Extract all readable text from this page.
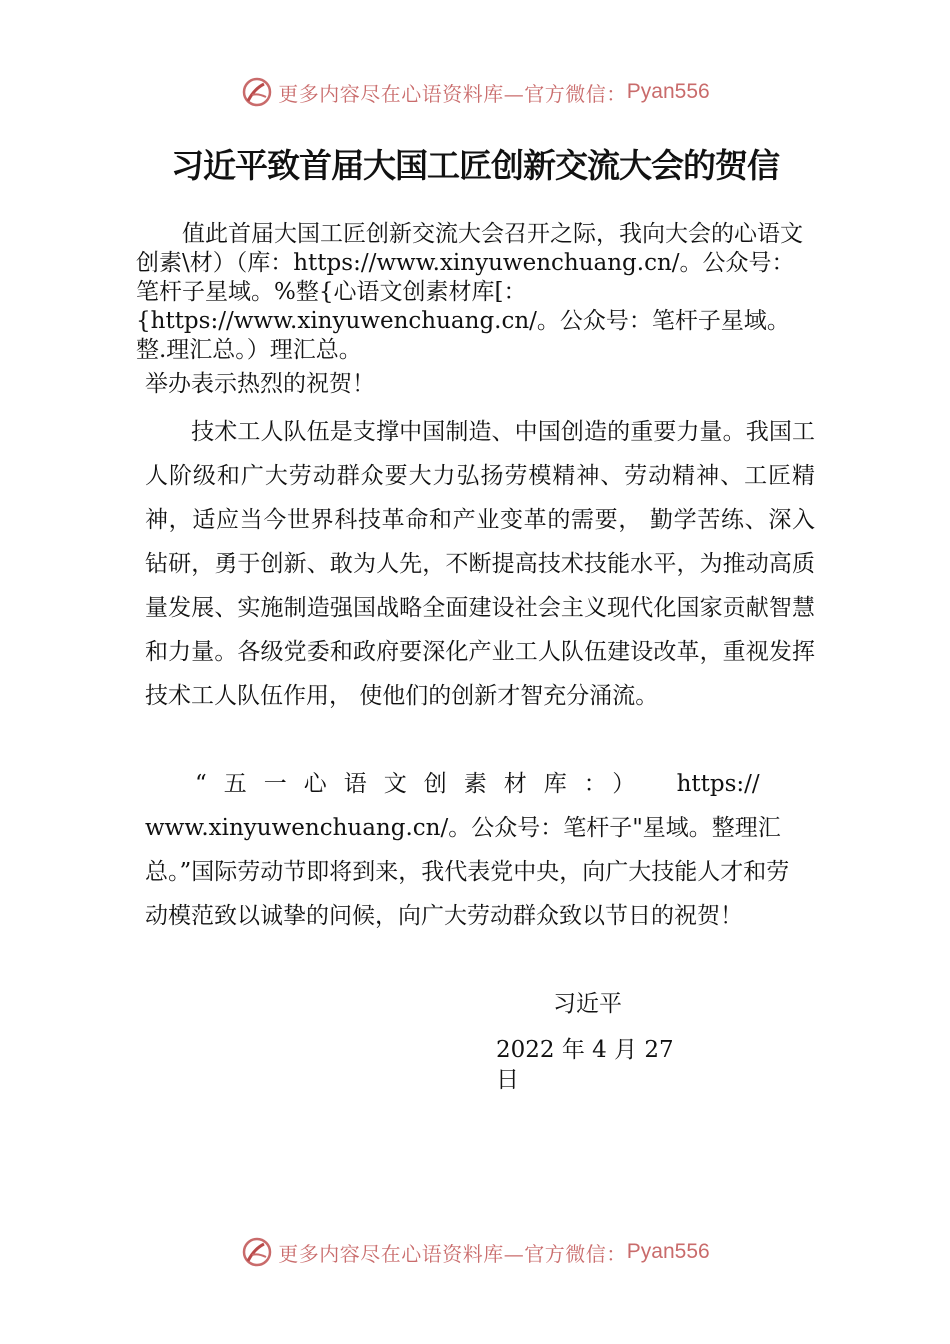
更多内容尽在心语资料库—官方微信： Pyan556
习近平致首届大国工匠创新交流大会的贺信
值此首届大国工匠创新交流大会召开之际，我向大会的心语文创素\材）（库：https://www.xinyuwenchuang.cn/。公众号：笔杆子星域。%整{心语文创素材库[：{https://www.xinyuwenchuang.cn/。公众号：笔杆子星域。整.理汇总。）理汇总。
举办表示热烈的祝贺！
技术工人队伍是支撑中国制造、中国创造的重要力量。我国工人阶级和广大劳动群众要大力弘扬劳模精神、劳动精神、工匠精神，适应当今世界科技革命和产业变革的需要， 勤学苦练、深入钻研，勇于创新、敢为人先，不断提高技术技能水平，为推动高质量发展、实施制造强国战略全面建设社会主义现代化国家贡献智慧和力量。各级党委和政府要深化产业工人队伍建设改革，重视发挥技术工人队伍作用， 使他们的创新才智充分涌流。
“五一心语文创素材库：） https://
www.xinyuwenchuang.cn/。公众号：笔杆子"星域。整理汇总。”国际劳动节即将到来，我代表党中央，向广大技能人才和劳动模范致以诚挚的问候，向广大劳动群众致以节日的祝贺！
习近平
2022 年 4 月 27 日
更多内容尽在心语资料库—官方微信： Pyan556
